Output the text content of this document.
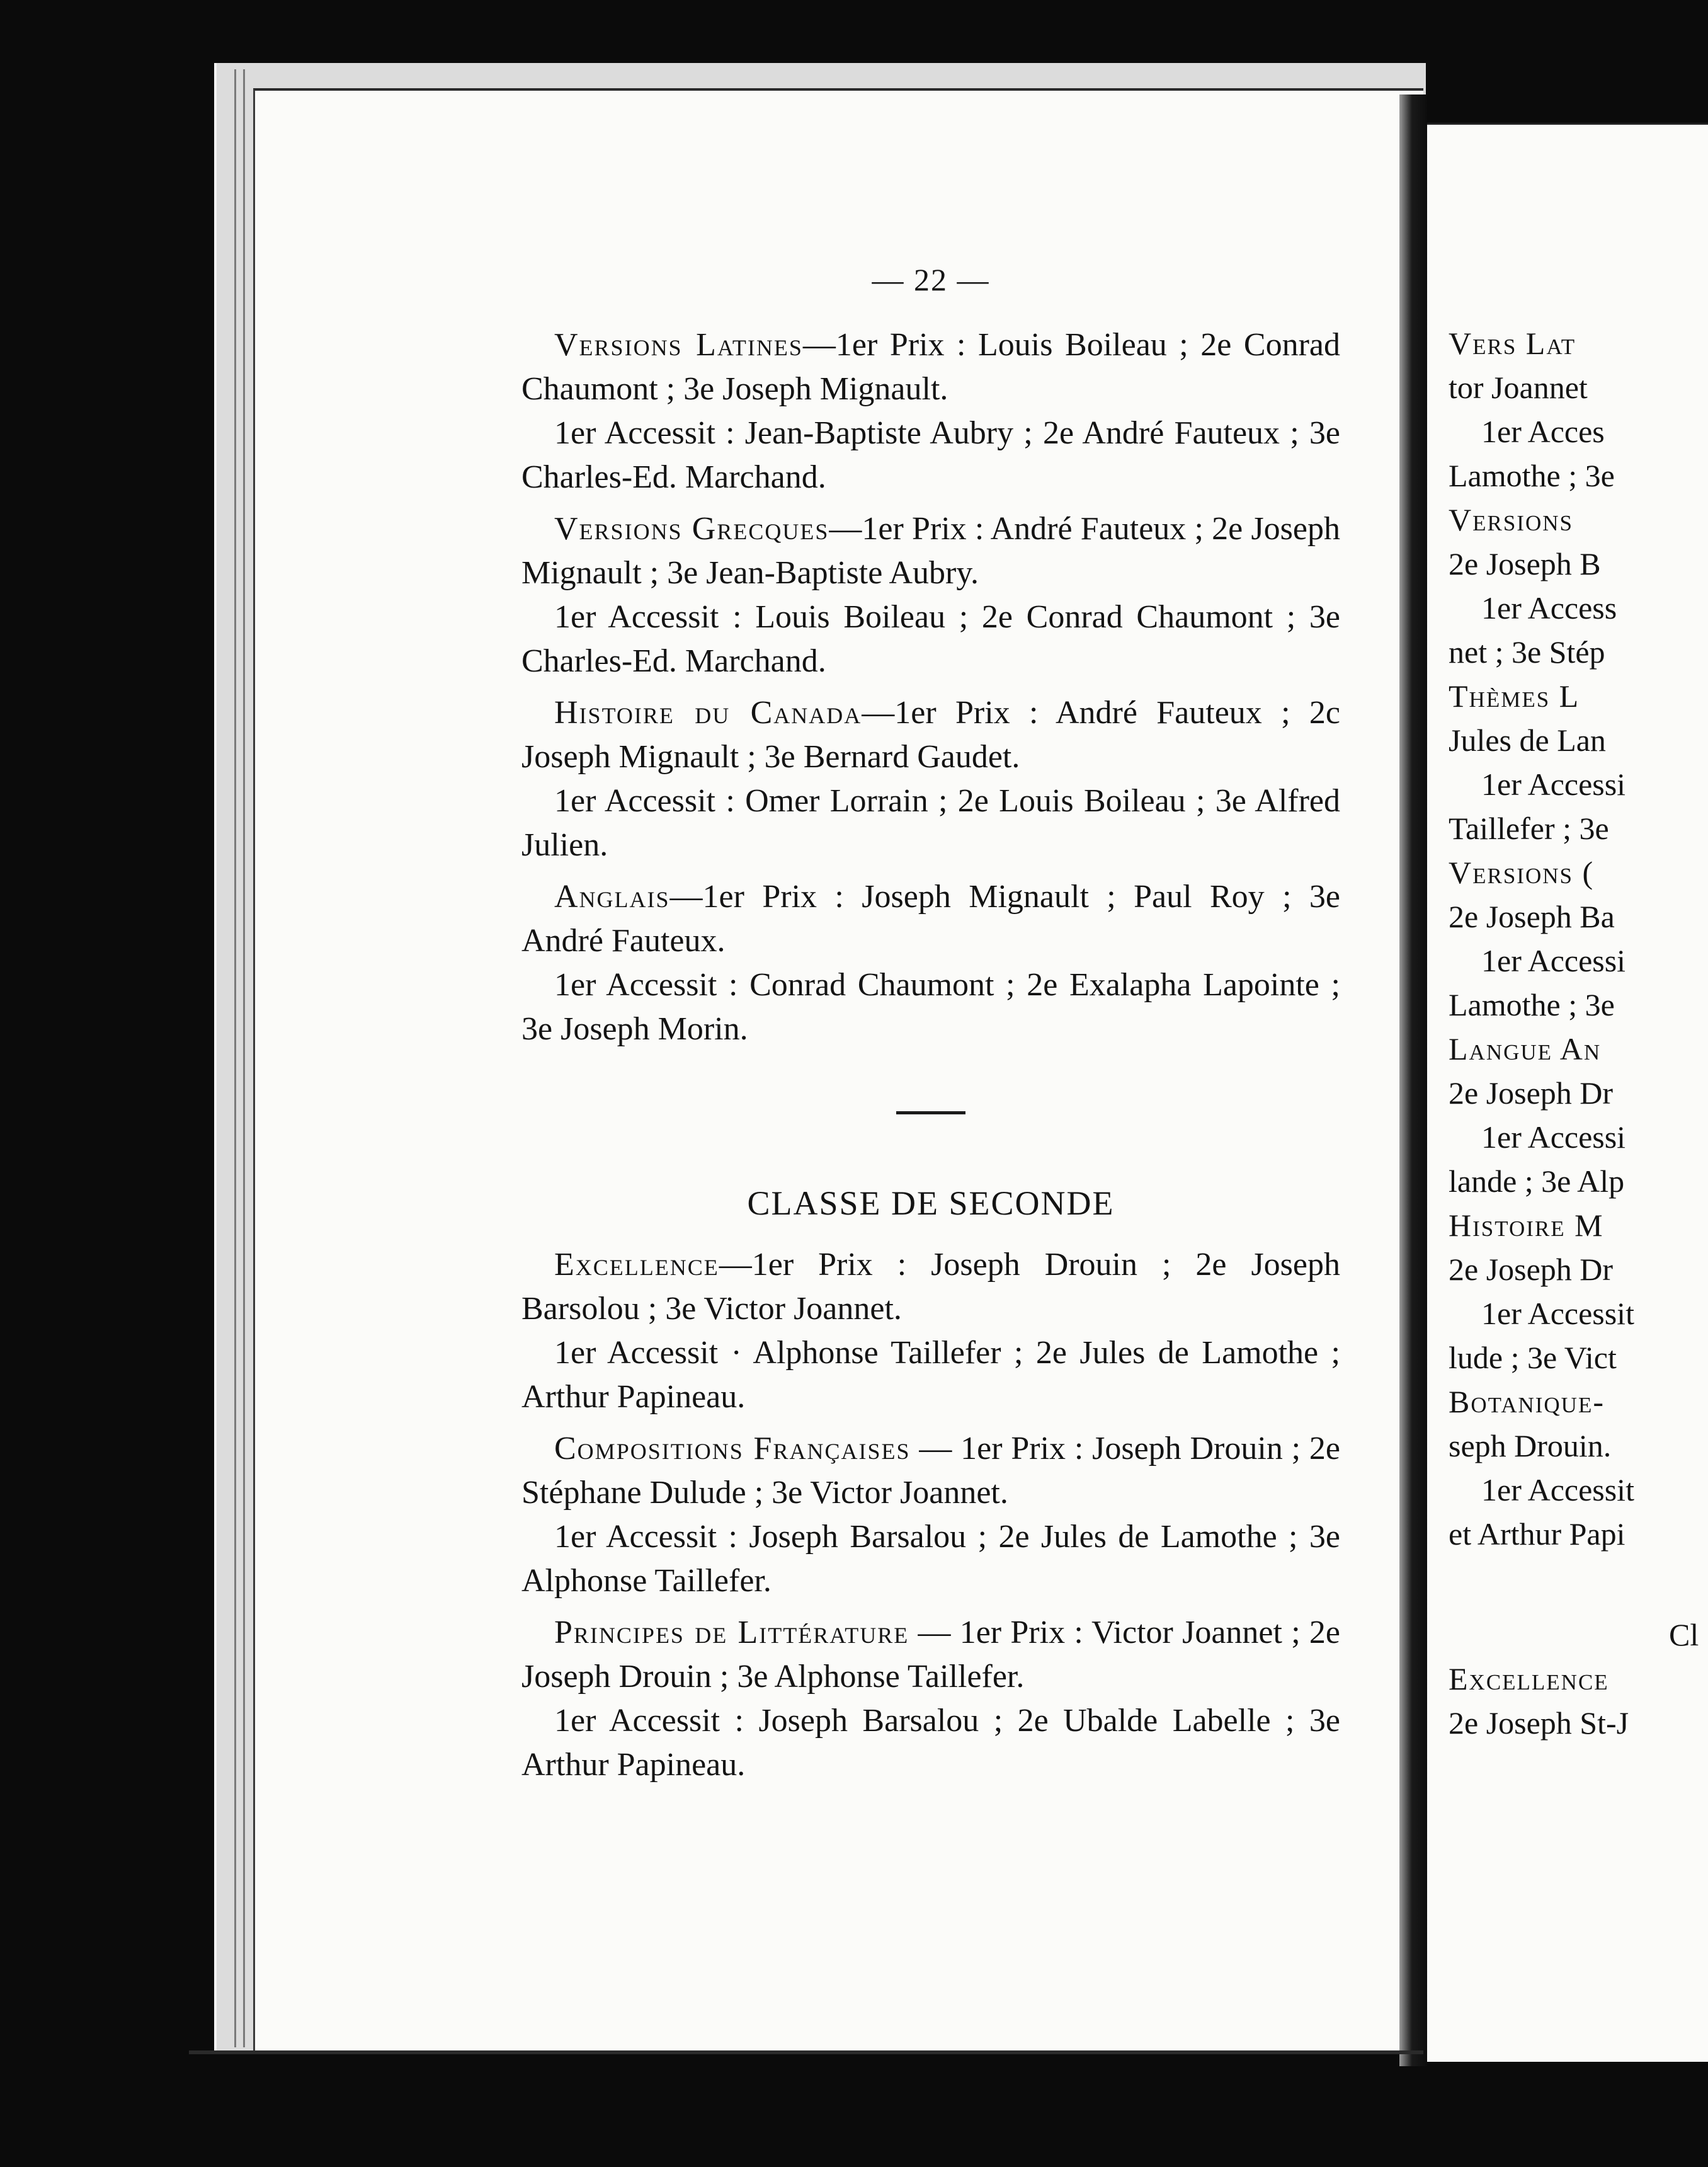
— 22 —

Versions Latines—1er Prix : Louis Boileau ; 2e Conrad Chaumont ; 3e Joseph Mignault.

1er Accessit : Jean-Baptiste Aubry ; 2e André Fauteux ; 3e Charles-Ed. Marchand.

Versions Grecques—1er Prix : André Fauteux ; 2e Joseph Mignault ; 3e Jean-Baptiste Aubry.

1er Accessit : Louis Boileau ; 2e Conrad Chaumont ; 3e Charles-Ed. Marchand.

Histoire du Canada—1er Prix : André Fauteux ; 2c Joseph Mignault ; 3e Bernard Gaudet.

1er Accessit : Omer Lorrain ; 2e Louis Boileau ; 3e Alfred Julien.

Anglais—1er Prix : Joseph Mignault ; Paul Roy ; 3e André Fauteux.

1er Accessit : Conrad Chaumont ; 2e Exalapha Lapointe ; 3e Joseph Morin.

CLASSE DE SECONDE

Excellence—1er Prix : Joseph Drouin ; 2e Joseph Barsolou ; 3e Victor Joannet.

1er Accessit · Alphonse Taillefer ; 2e Jules de Lamothe ; Arthur Papineau.

Compositions Françaises — 1er Prix : Joseph Drouin ; 2e Stéphane Dulude ; 3e Victor Joannet.

1er Accessit : Joseph Barsalou ; 2e Jules de Lamothe ; 3e Alphonse Taillefer.

Principes de Littérature — 1er Prix : Victor Joannet ; 2e Joseph Drouin ; 3e Alphonse Taillefer.

1er Accessit : Joseph Barsalou ; 2e Ubalde Labelle ; 3e Arthur Papineau.

Vers Lat
tor Joannet
1er Acces
Lamothe ; 3e
Versions
2e Joseph B
1er Access
net ; 3e Stép
Thèmes L
Jules de Lan
1er Accessi
Taillefer ; 3e
Versions (
2e Joseph Ba
1er Accessi
Lamothe ; 3e
Langue An
2e Joseph Dr
1er Accessi
lande ; 3e Alp
Histoire M
2e Joseph Dr
1er Accessit
lude ; 3e Vict
Botanique-
seph Drouin.
1er Accessit
et Arthur Papi
Cl
Excellence
2e Joseph St-J
